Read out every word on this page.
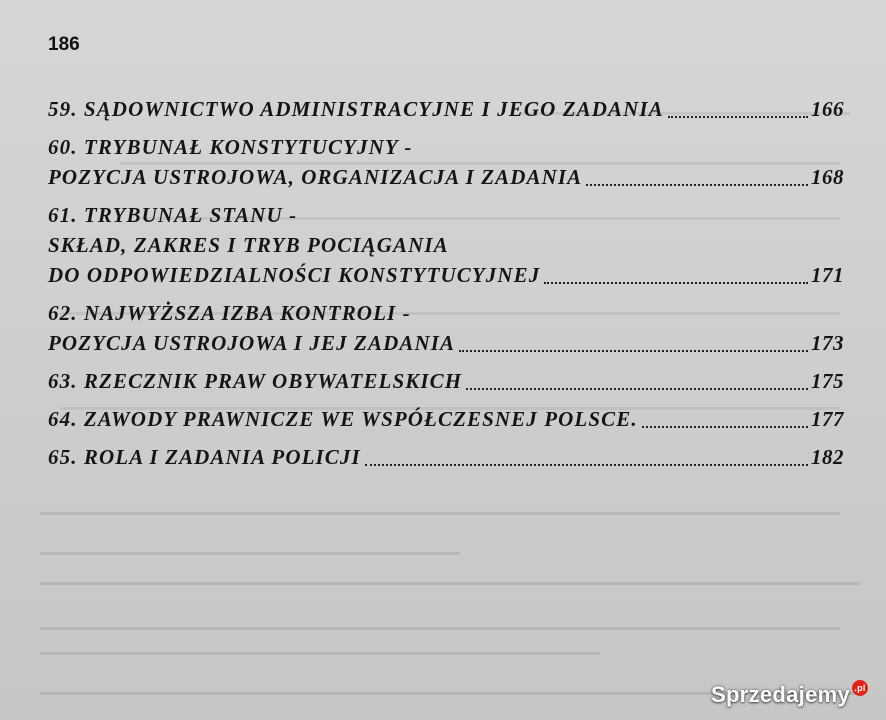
186
59. SĄDOWNICTWO ADMINISTRACYJNE I JEGO ZADANIA	166
60. TRYBUNAŁ KONSTYTUCYJNY -
POZYCJA USTROJOWA, ORGANIZACJA I ZADANIA	168
61. TRYBUNAŁ STANU -
SKŁAD, ZAKRES I TRYB POCIĄGANIA
DO ODPOWIEDZIALNOŚCI KONSTYTUCYJNEJ	171
62. NAJWYŻSZA IZBA KONTROLI -
POZYCJA USTROJOWA I JEJ ZADANIA	173
63. RZECZNIK PRAW OBYWATELSKICH	175
64. ZAWODY PRAWNICZE WE WSPÓŁCZESNEJ POLSCE.	177
65. ROLA I ZADANIA POLICJI	182
Sprzedajemy .pl
